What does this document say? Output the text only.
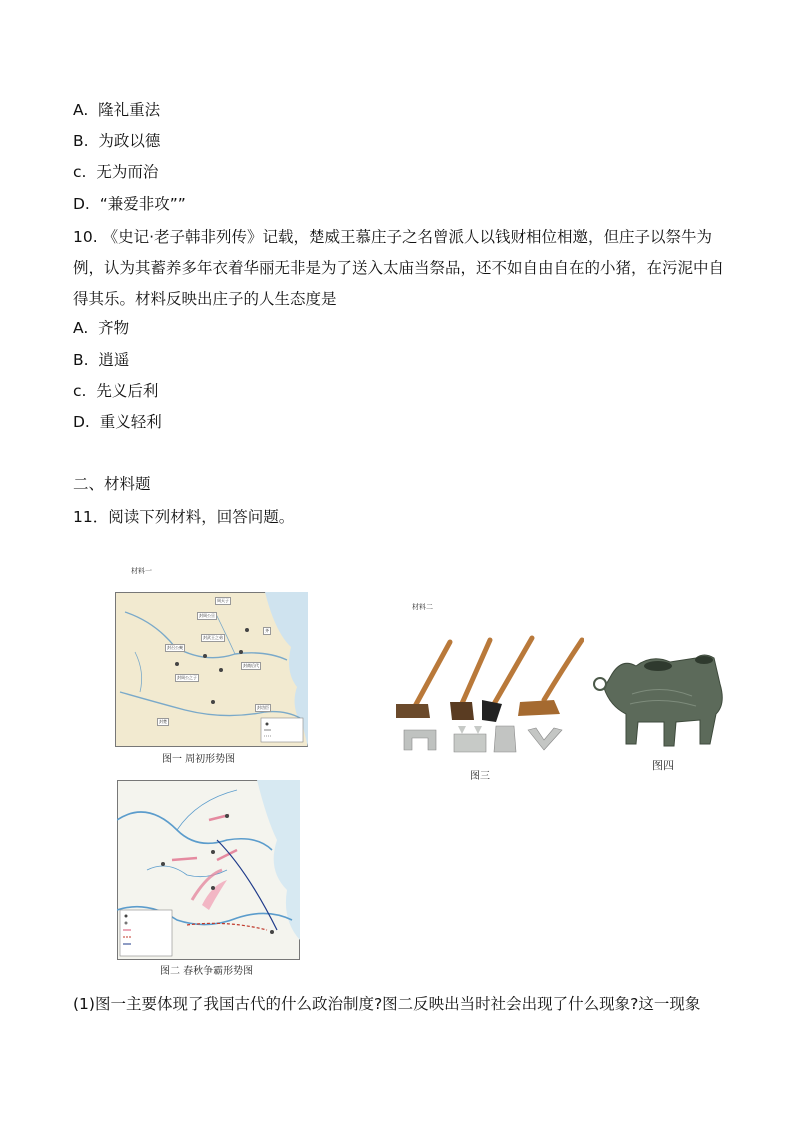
A. 隆礼重法
B. 为政以德
c. 无为而治
D. “兼爱非攻””
10. 《史记·老子韩非列传》记载，楚威王慕庄子之名曾派人以钱财相位相邀，但庄子以祭牛为例，认为其蓄养多年衣着华丽无非是为了送入太庙当祭品，还不如自由自在的小猪，在污泥中自得其乐。材料反映出庄子的人生态度是
A. 齐物
B. 逍遥
c. 先义后利
D. 重义轻利
二、材料题
11．阅读下列材料，回答问题。
材料一
材料二
周天子
封周公旦
齐
封召公奭
封武王之弟
封商后代
封周公之子
封楚
封功臣
图一 周初形势图
图二 春秋争霸形势图
图三
图四
(1)图一主要体现了我国古代的什么政治制度?图二反映出当时社会出现了什么现象?这一现象
